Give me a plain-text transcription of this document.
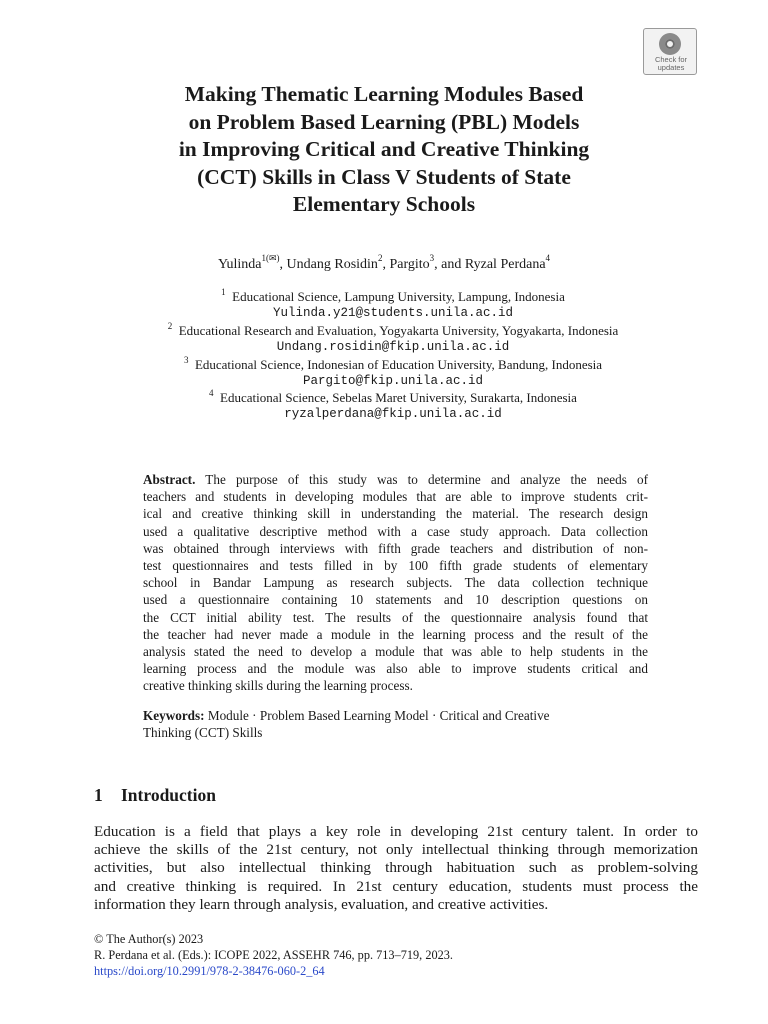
Check for
updates
Making Thematic Learning Modules Based
on Problem Based Learning (PBL) Models
in Improving Critical and Creative Thinking
(CCT) Skills in Class V Students of State
Elementary Schools
Yulinda$^{1(✉)}$, Undang Rosidin$^2$, Pargito$^3$, and Ryzal Perdana$^4$
$^1$ Educational Science, Lampung University, Lampung, Indonesia
Yulinda.y21@students.unila.ac.id
$^2$ Educational Research and Evaluation, Yogyakarta University, Yogyakarta, Indonesia
Undang.rosidin@fkip.unila.ac.id
$^3$ Educational Science, Indonesian of Education University, Bandung, Indonesia
Pargito@fkip.unila.ac.id
$^4$ Educational Science, Sebelas Maret University, Surakarta, Indonesia
ryzalperdana@fkip.unila.ac.id
Abstract. The purpose of this study was to determine and analyze the needs of
teachers and students in developing modules that are able to improve students crit-
ical and creative thinking skill in understanding the material. The research design
used a qualitative descriptive method with a case study approach. Data collection
was obtained through interviews with fifth grade teachers and distribution of non-
test questionnaires and tests filled in by 100 fifth grade students of elementary
school in Bandar Lampung as research subjects. The data collection technique
used a questionnaire containing 10 statements and 10 description questions on
the CCT initial ability test. The results of the questionnaire analysis found that
the teacher had never made a module in the learning process and the result of the
analysis stated the need to develop a module that was able to help students in the
learning process and the module was also able to improve students critical and
creative thinking skills during the learning process.
Keywords: Module · Problem Based Learning Model · Critical and Creative
Thinking (CCT) Skills
1 Introduction
Education is a field that plays a key role in developing 21st century talent. In order to
achieve the skills of the 21st century, not only intellectual thinking through memorization
activities, but also intellectual thinking through habituation such as problem-solving
and creative thinking is required. In 21st century education, students must process the
information they learn through analysis, evaluation, and creative activities.
© The Author(s) 2023
R. Perdana et al. (Eds.): ICOPE 2022, ASSEHR 746, pp. 713–719, 2023.
https://doi.org/10.2991/978-2-38476-060-2_64
